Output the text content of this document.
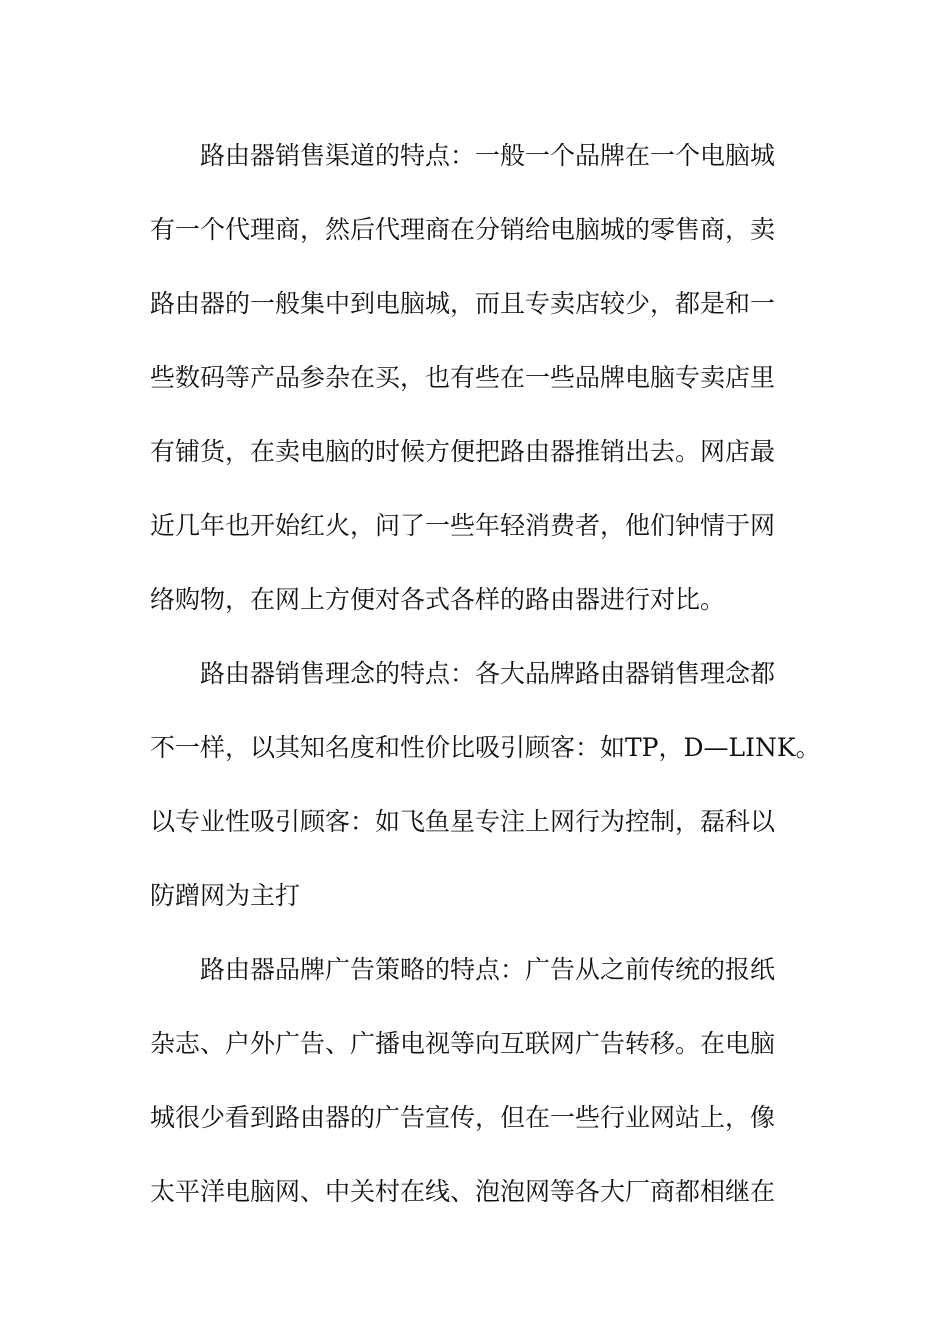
　　路由器销售渠道的特点：一般一个品牌在一个电脑城
有一个代理商，然后代理商在分销给电脑城的零售商，卖
路由器的一般集中到电脑城，而且专卖店较少，都是和一
些数码等产品参杂在买，也有些在一些品牌电脑专卖店里
有铺货，在卖电脑的时候方便把路由器推销出去。网店最
近几年也开始红火，问了一些年轻消费者，他们钟情于网
络购物，在网上方便对各式各样的路由器进行对比。
　　路由器销售理念的特点：各大品牌路由器销售理念都
不一样，以其知名度和性价比吸引顾客：如TP，D—LINK。
以专业性吸引顾客：如飞鱼星专注上网行为控制，磊科以
防蹭网为主打
　　路由器品牌广告策略的特点：广告从之前传统的报纸
杂志、户外广告、广播电视等向互联网广告转移。在电脑
城很少看到路由器的广告宣传，但在一些行业网站上，像
太平洋电脑网、中关村在线、泡泡网等各大厂商都相继在
